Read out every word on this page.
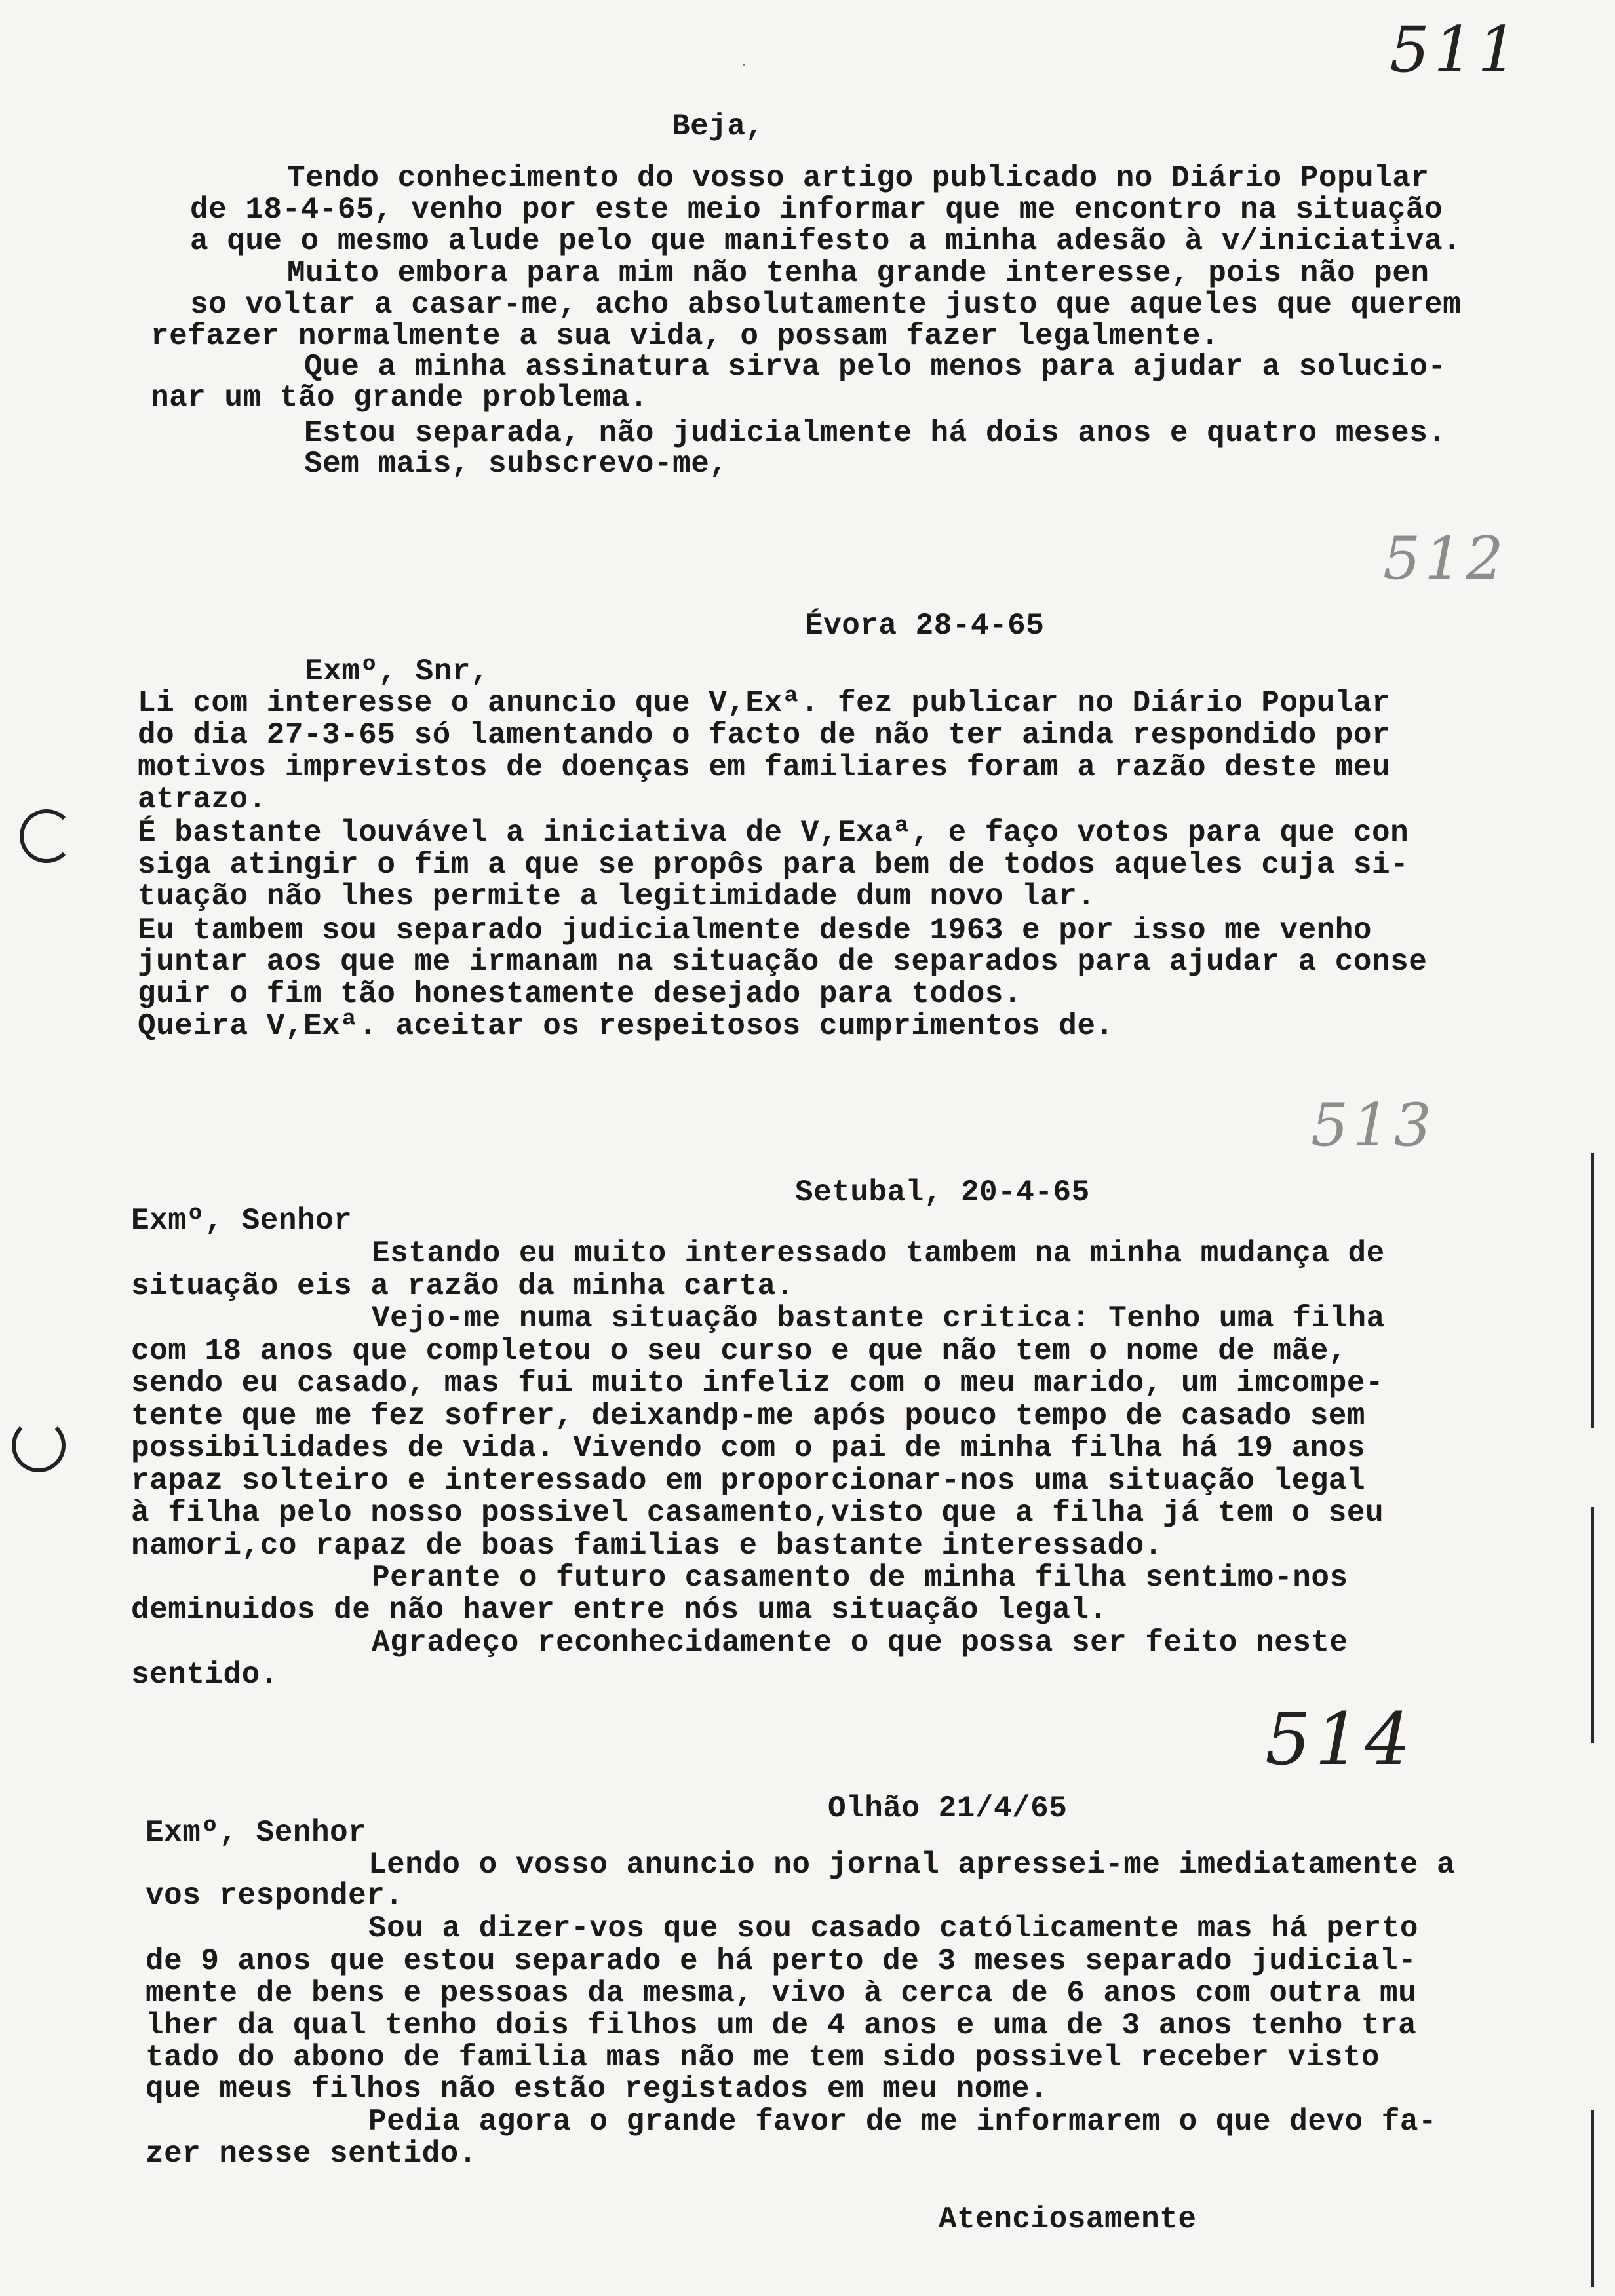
511
512
513
514
Beja,
Tendo conhecimento do vosso artigo publicado no Diário Popular
de 18-4-65, venho por este meio informar que me encontro na situação
a que o mesmo alude pelo que manifesto a minha adesão à v/iniciativa.
Muito embora para mim não tenha grande interesse, pois não pen
so voltar a casar-me, acho absolutamente justo que aqueles que querem
refazer normalmente a sua vida, o possam fazer legalmente.
Que a minha assinatura sirva pelo menos para ajudar a solucio-
nar um tão grande problema.
Estou separada, não judicialmente há dois anos e quatro meses.
Sem mais, subscrevo-me,
Évora 28-4-65
Exmº, Snr,
Li com interesse o anuncio que V,Exª. fez publicar no Diário Popular
do dia 27-3-65 só lamentando o facto de não ter ainda respondido por
motivos imprevistos de doenças em familiares foram a razão deste meu
atrazo.
É bastante louvável a iniciativa de V,Exaª, e faço votos para que con
siga atingir o fim a que se propôs para bem de todos aqueles cuja si-
tuação não lhes permite a legitimidade dum novo lar.
Eu tambem sou separado judicialmente desde 1963 e por isso me venho
juntar aos que me irmanam na situação de separados para ajudar a conse
guir o fim tão honestamente desejado para todos.
Queira V,Exª. aceitar os respeitosos cumprimentos de.
Setubal, 20-4-65
Exmº, Senhor
Estando eu muito interessado tambem na minha mudança de
situação eis a razão da minha carta.
Vejo-me numa situação bastante critica: Tenho uma filha
com 18 anos que completou o seu curso e que não tem o nome de mãe,
sendo eu casado, mas fui muito infeliz com o meu marido, um imcompe-
tente que me fez sofrer, deixandp-me após pouco tempo de casado sem
possibilidades de vida. Vivendo com o pai de minha filha há 19 anos
rapaz solteiro e interessado em proporcionar-nos uma situação legal
à filha pelo nosso possivel casamento,visto que a filha já tem o seu
namori,co rapaz de boas familias e bastante interessado.
Perante o futuro casamento de minha filha sentimo-nos
deminuidos de não haver entre nós uma situação legal.
Agradeço reconhecidamente o que possa ser feito neste
sentido.
Olhão 21/4/65
Exmº, Senhor
Lendo o vosso anuncio no jornal apressei-me imediatamente a
vos responder.
Sou a dizer-vos que sou casado católicamente mas há perto
de 9 anos que estou separado e há perto de 3 meses separado judicial-
mente de bens e pessoas da mesma, vivo à cerca de 6 anos com outra mu
lher da qual tenho dois filhos um de 4 anos e uma de 3 anos tenho tra
tado do abono de familia mas não me tem sido possivel receber visto
que meus filhos não estão registados em meu nome.
Pedia agora o grande favor de me informarem o que devo fa-
zer nesse sentido.
Atenciosamente
